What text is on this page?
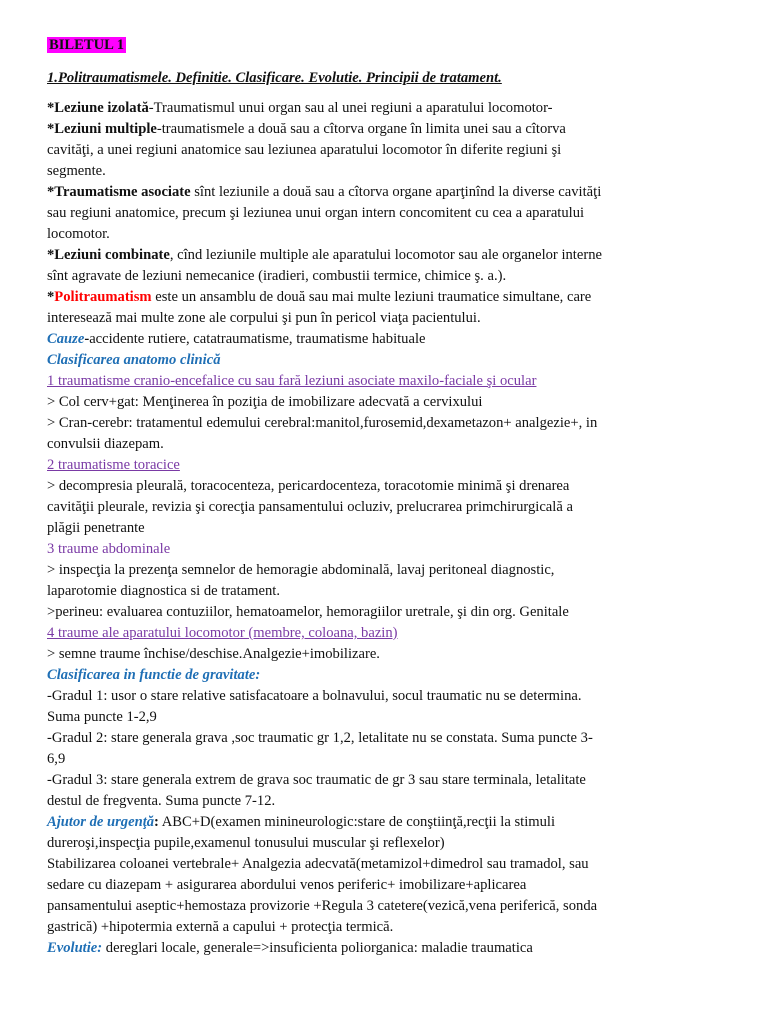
BILETUL 1
1.Politraumatismele. Definitie. Clasificare. Evolutie. Principii de tratament.
*Leziune izolată-Traumatismul unui organ sau al unei regiuni a aparatului locomotor-
*Leziuni multiple-traumatismele a două sau a cîtorva organe în limita unei sau a cîtorva
cavităţi, a unei regiuni anatomice sau leziunea aparatului locomotor în diferite regiuni şi
segmente.
*Traumatisme asociate sînt leziunile a două sau a cîtorva organe aparţinînd la diverse cavităţi
sau regiuni anatomice, precum şi leziunea unui organ intern concomitent cu cea a aparatului
locomotor.
*Leziuni combinate, cînd leziunile multiple ale aparatului locomotor sau ale organelor interne
sînt agravate de leziuni nemecanice (iradieri, combustii termice, chimice ş. a.).
*Politraumatism este un ansamblu de două sau mai multe leziuni traumatice simultane, care
interesează mai multe zone ale corpului şi pun în pericol viaţa pacientului.
Cauze-accidente rutiere, catatraumatisme, traumatisme habituale
Clasificarea anatomo clinică
1 traumatisme cranio-encefalice cu sau fară leziuni asociate maxilo-faciale şi ocular
> Col cerv+gat: Menţinerea în poziţia de imobilizare adecvată a cervixului
> Cran-cerebr: tratamentul edemului cerebral:manitol,furosemid,dexametazon+ analgezie+, in
convulsii diazepam.
2 traumatisme toracice
> decompresia pleurală, toracocenteza, pericardocenteza, toracotomie minimă şi drenarea
cavităţii pleurale, revizia şi corecţia pansamentului ocluziv, prelucrarea primchirurgicală a
plăgii penetrante
3 traume abdominale
> inspecţia la prezenţa semnelor de hemoragie abdominală, lavaj peritoneal diagnostic,
laparotomie diagnostica si de tratament.
>perineu: evaluarea contuziilor, hematoamelor, hemoragiilor uretrale, şi din org. Genitale
4 traume ale aparatului locomotor (membre, coloana, bazin)
> semne traume închise/deschise.Analgezie+imobilizare.
Clasificarea in functie de gravitate:
-Gradul 1: usor o stare relative satisfacatoare a bolnavului, socul traumatic nu se determina.
Suma puncte 1-2,9
-Gradul 2: stare generala grava ,soc traumatic gr 1,2, letalitate nu se constata. Suma puncte 3-
6,9
-Gradul 3: stare generala extrem de grava soc traumatic de gr 3 sau stare terminala, letalitate
destul de fregventa. Suma puncte 7-12.
Ajutor de urgenţă: ABC+D(examen minineurologic:stare de conştiinţă,recţii la stimuli
dureroşi,inspecţia pupile,examenul tonusului muscular şi reflexelor)
Stabilizarea coloanei vertebrale+ Analgezia adecvată(metamizol+dimedrol sau tramadol, sau
sedare cu diazepam + asigurarea abordului venos periferic+ imobilizare+aplicarea
pansamentului aseptic+hemostaza provizorie +Regula 3 catetere(vezică,vena periferică, sonda
gastrică) +hipotermia externă a capului + protecţia termică.
Evolutie: dereglari locale, generale=>insuficienta poliorganica: maladie traumatica
